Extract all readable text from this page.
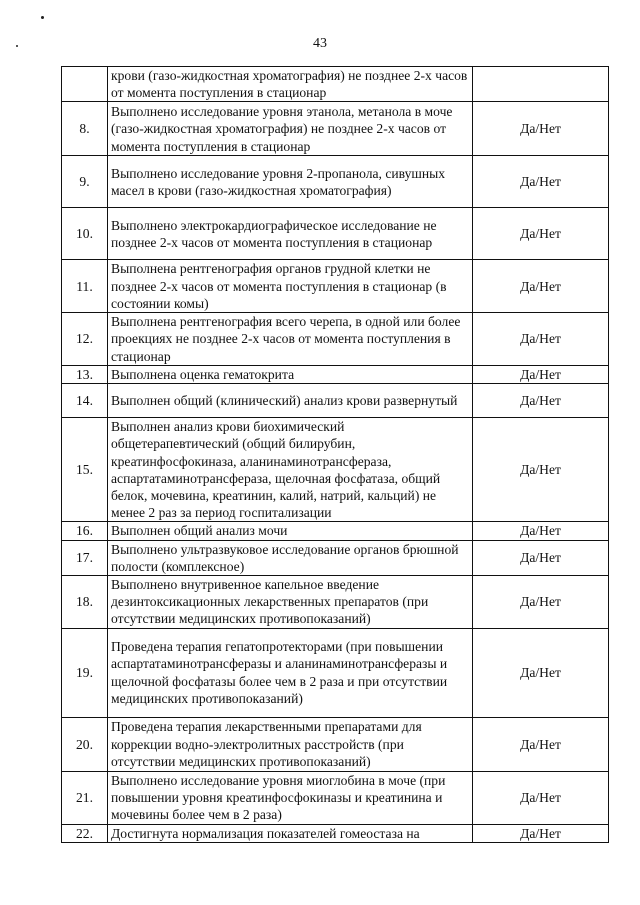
43
	крови (газо-жидкостная хроматография) не позднее 2-х часов от момента поступления в стационар	
8.	Выполнено исследование уровня этанола, метанола в моче (газо-жидкостная хроматография) не позднее 2-х часов от момента поступления в стационар	Да/Нет
9.	Выполнено исследование уровня 2-пропанола, сивушных масел в крови (газо-жидкостная хроматография)	Да/Нет
10.	Выполнено электрокардиографическое исследование не позднее 2-х часов от момента поступления в стационар	Да/Нет
11.	Выполнена рентгенография органов грудной клетки не позднее 2-х часов от момента поступления в стационар (в состоянии комы)	Да/Нет
12.	Выполнена рентгенография всего черепа, в одной или более проекциях не позднее 2-х часов от момента поступления в стационар	Да/Нет
13.	Выполнена оценка гематокрита	Да/Нет
14.	Выполнен общий (клинический) анализ крови развернутый	Да/Нет
15.	Выполнен анализ крови биохимический общетерапевтический (общий билирубин, креатинфосфокиназа, аланинаминотрансфераза, аспартатаминотрансфераза, щелочная фосфатаза, общий белок, мочевина, креатинин, калий, натрий, кальций) не менее 2 раз за период госпитализации	Да/Нет
16.	Выполнен общий анализ мочи	Да/Нет
17.	Выполнено ультразвуковое исследование органов брюшной полости (комплексное)	Да/Нет
18.	Выполнено внутривенное капельное введение дезинтоксикационных лекарственных препаратов (при отсутствии медицинских противопоказаний)	Да/Нет
19.	Проведена терапия гепатопротекторами (при повышении аспартатаминотрансферазы и аланинаминотрансферазы и щелочной фосфатазы более чем в 2 раза и при отсутствии медицинских противопоказаний)	Да/Нет
20.	Проведена терапия лекарственными препаратами для коррекции водно-электролитных расстройств (при отсутствии медицинских противопоказаний)	Да/Нет
21.	Выполнено исследование уровня миоглобина в моче (при повышении уровня креатинфосфокиназы и креатинина и мочевины более чем в 2 раза)	Да/Нет
22.	Достигнута нормализация показателей гомеостаза на	Да/Нет
